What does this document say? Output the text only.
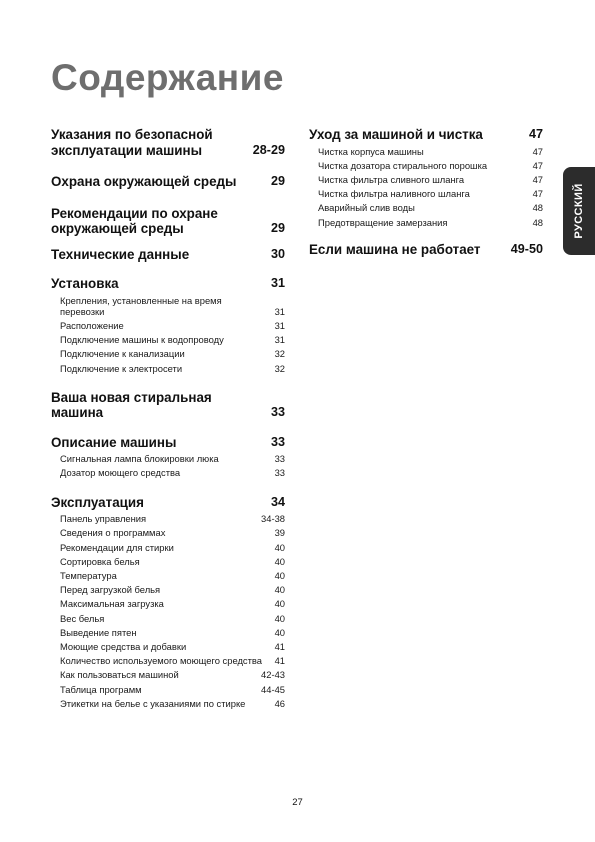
Содержание
Указания по безопасной эксплуатации машины	28-29
Охрана окружающей среды	29
Рекомендации по охране окружающей среды	29
Технические данные	30
Установка	31
Крепления, установленные на время перевозки	31
Расположение	31
Подключение машины к водопроводу	31
Подключение к канализации	32
Подключение к электросети	32
Ваша новая стиральная машина	33
Описание машины	33
Сигнальная лампа блокировки люка	33
Дозатор моющего средства	33
Эксплуатация	34
Панель управления	34-38
Сведения о программах	39
Рекомендации для стирки	40
Сортировка белья	40
Температура	40
Перед загрузкой белья	40
Максимальная загрузка	40
Вес белья	40
Выведение пятен	40
Моющие средства и добавки	41
Количество используемого моющего средства	41
Как пользоваться машиной	42-43
Таблица программ	44-45
Этикетки на белье с указаниями по стирке	46
Уход за машиной и чистка	47
Чистка корпуса машины	47
Чистка дозатора стирального порошка	47
Чистка фильтра сливного шланга	47
Чистка фильтра наливного шланга	47
Аварийный слив воды	48
Предотвращение замерзания	48
Если машина не работает	49-50
РУССКИЙ
27
